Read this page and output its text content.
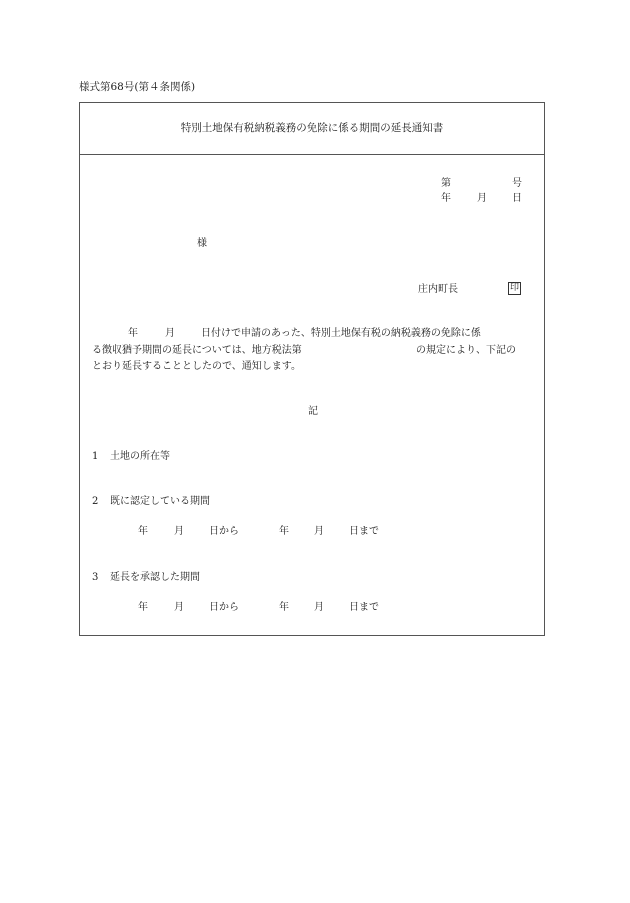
様式第68号(第４条関係)
特別土地保有税納税義務の免除に係る期間の延長通知書
第	号
年	月	日
様
庄内町長	印
年	月	日付けで申請のあった、特別土地保有税の納税義務の免除に係
る徴収猶予期間の延長については、地方税法第	の規定により、下記の
とおり延長することとしたので、通知します。
記
1 土地の所在等
2 既に認定している期間
年	月	日から	年	月	日まで
3 延長を承認した期間
年	月	日から	年	月	日まで
